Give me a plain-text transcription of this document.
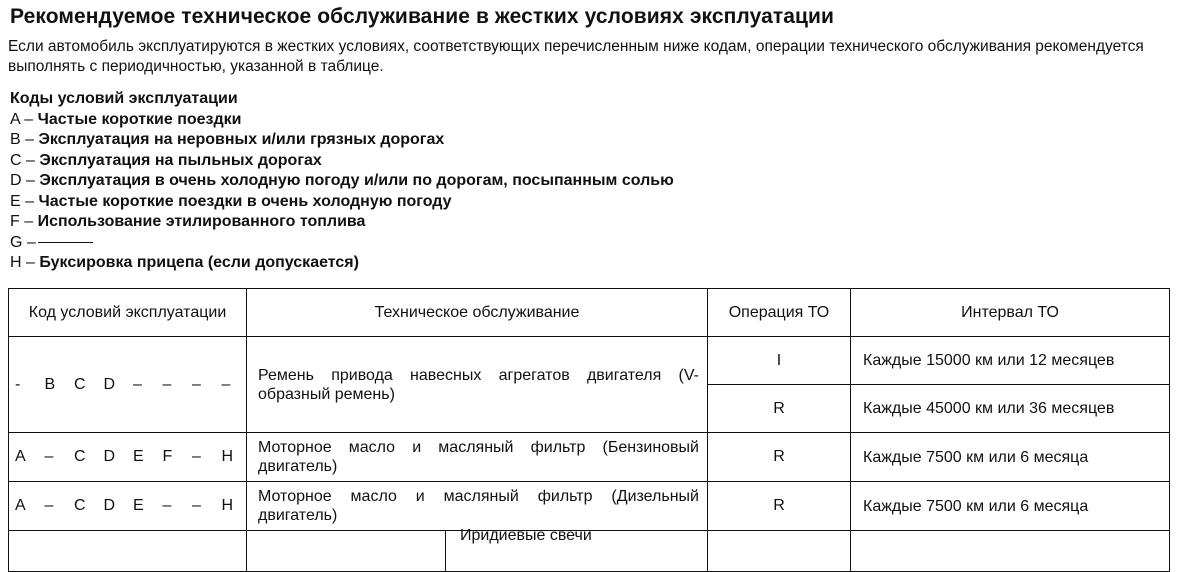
Рекомендуемое техническое обслуживание в жестких условиях эксплуатации
Если автомобиль эксплуатируются в жестких условиях, соответствующих перечисленным ниже кодам, операции технического обслуживания рекомендуется выполнять с периодичностью, указанной в таблице.
Коды условий эксплуатации
A – Частые короткие поездки
B – Эксплуатация на неровных и/или грязных дорогах
C – Эксплуатация на пыльных дорогах
D – Эксплуатация в очень холодную погоду и/или по дорогам, посыпанным солью
E – Частые короткие поездки в очень холодную погоду
F – Использование этилированного топлива
G –
H – Буксировка прицепа (если допускается)
Код условий эксплуатации	Техническое обслуживание	Операция ТО	Интервал ТО
- B C D – – – –	Ремень привода навесных агрегатов двигателя (V-образный ремень)	I	Каждые 15000 км или 12 месяцев
		R	Каждые 45000 км или 36 месяцев
A – C D E F – H	Моторное масло и масляный фильтр (Бензиновый двигатель)	R	Каждые 7500 км или 6 месяца
A – C D E – – H	Моторное масло и масляный фильтр (Дизельный двигатель)	R	Каждые 7500 км или 6 месяца

	Иридиевые свечи		
